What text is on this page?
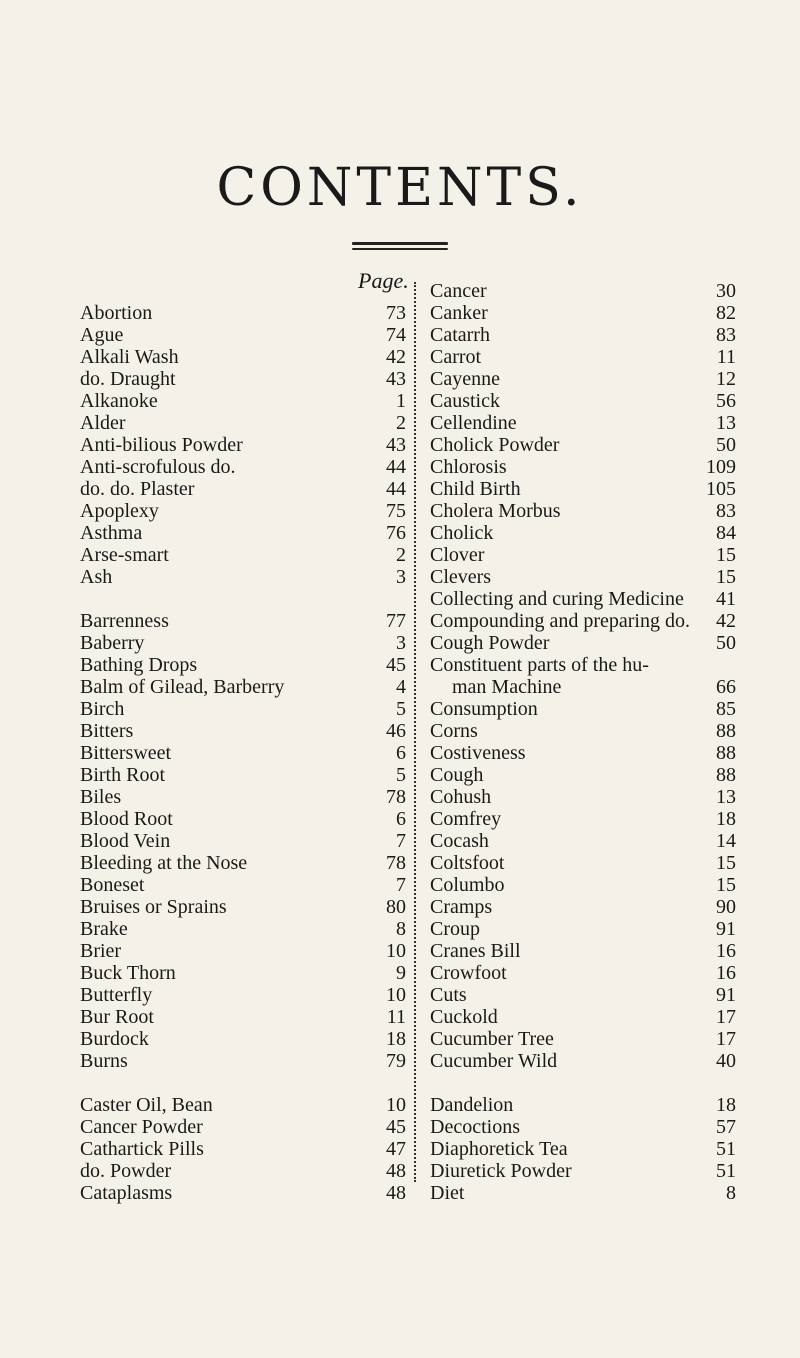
CONTENTS.
Page.
Abortion	73
Ague	74
Alkali Wash	42
do. Draught	43
Alkanoke	1
Alder	2
Anti-bilious Powder	43
Anti-scrofulous do.	44
do. do. Plaster	44
Apoplexy	75
Asthma	76
Arse-smart	2
Ash	3
Barrenness	77
Baberry	3
Bathing Drops	45
Balm of Gilead, Barberry	4
Birch	5
Bitters	46
Bittersweet	6
Birth Root	5
Biles	78
Blood Root	6
Blood Vein	7
Bleeding at the Nose	78
Boneset	7
Bruises or Sprains	80
Brake	8
Brier	10
Buck Thorn	9
Butterfly	10
Bur Root	11
Burdock	18
Burns	79
Caster Oil, Bean	10
Cancer Powder	45
Cathartick Pills	47
do. Powder	48
Cataplasms	48
Cancer	30
Canker	82
Catarrh	83
Carrot	11
Cayenne	12
Caustick	56
Cellendine	13
Cholick Powder	50
Chlorosis	109
Child Birth	105
Cholera Morbus	83
Cholick	84
Clover	15
Clevers	15
Collecting and curing Medicine	41
Compounding and preparing do.	42
Cough Powder	50
Constituent parts of the hu-
man Machine	66
Consumption	85
Corns	88
Costiveness	88
Cough	88
Cohush	13
Comfrey	18
Cocash	14
Coltsfoot	15
Columbo	15
Cramps	90
Croup	91
Cranes Bill	16
Crowfoot	16
Cuts	91
Cuckold	17
Cucumber Tree	17
Cucumber Wild	40
Dandelion	18
Decoctions	57
Diaphoretick Tea	51
Diuretick Powder	51
Diet	8
